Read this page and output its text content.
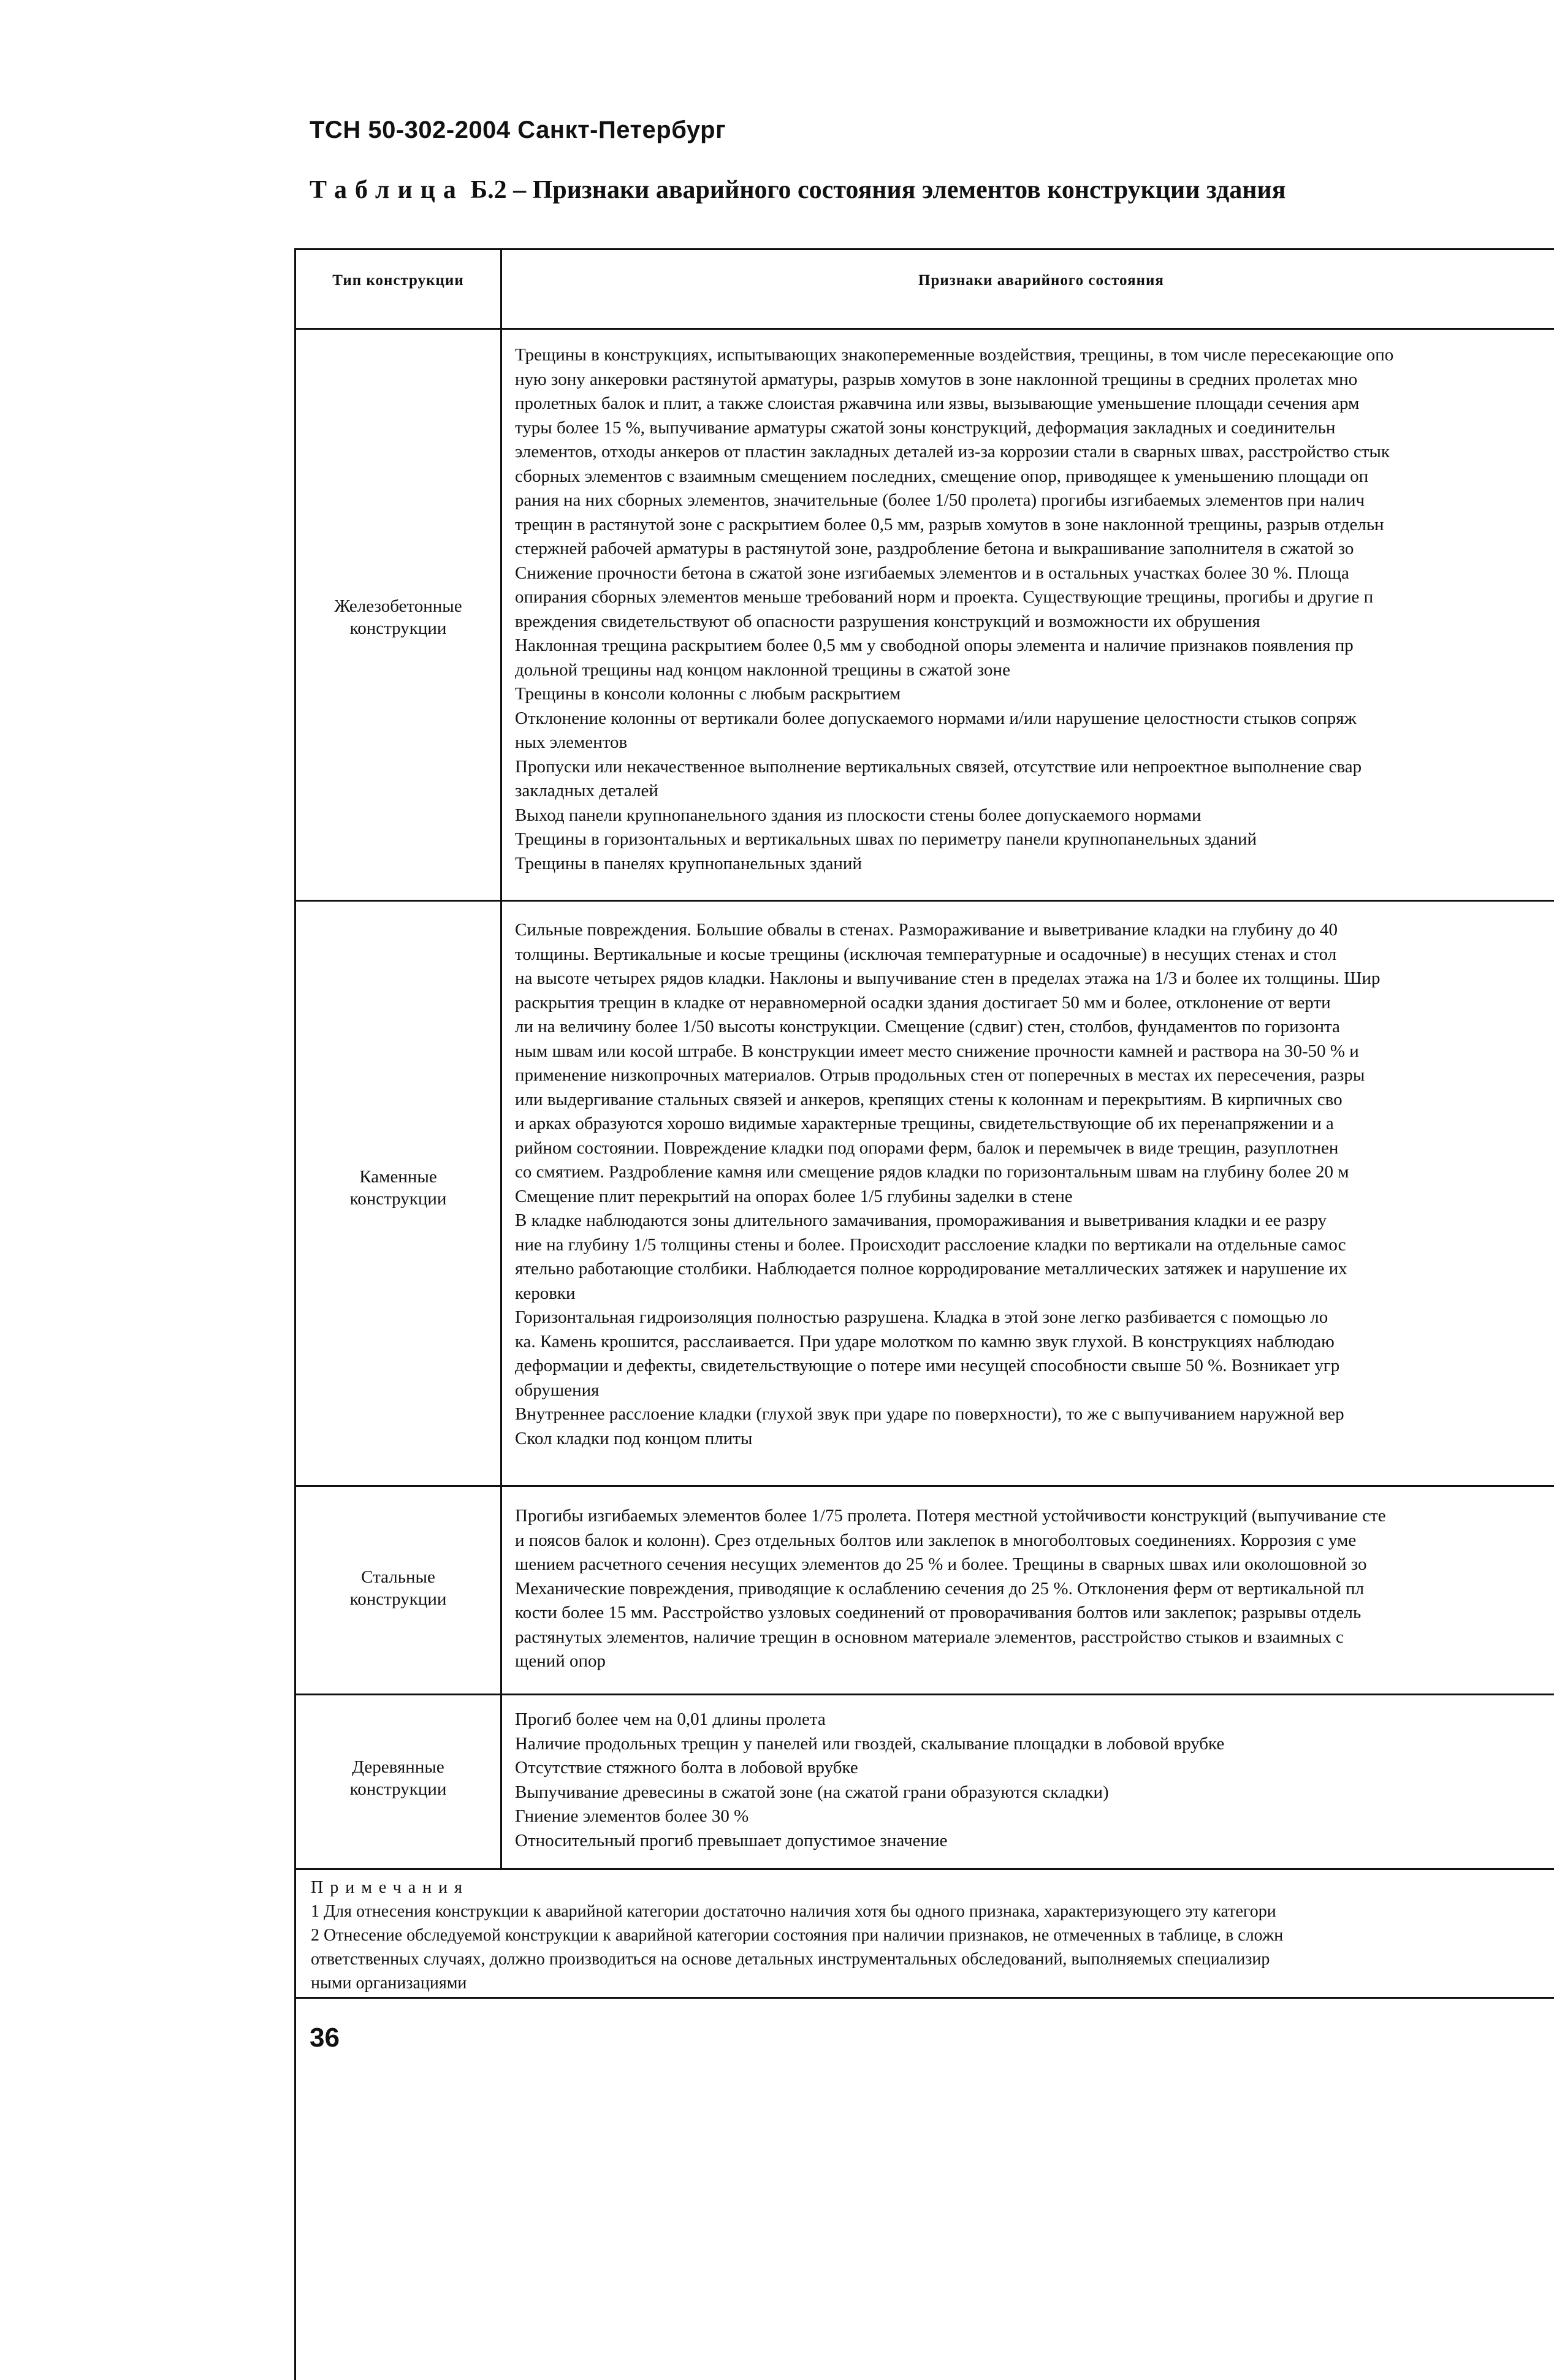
ТСН 50-302-2004 Санкт-Петербург
Таблица Б.2 – Признаки аварийного состояния элементов конструкции здания
Тип конструкции	Признаки аварийного состояния
Железобетонные
конструкции
Трещины в конструкциях, испытывающих знакопеременные воздействия, трещины, в том числе пересекающие опо
ную зону анкеровки растянутой арматуры, разрыв хомутов в зоне наклонной трещины в средних пролетах мно
пролетных балок и плит, а также слоистая ржавчина или язвы, вызывающие уменьшение площади сечения арм
туры более 15 %, выпучивание арматуры сжатой зоны конструкций, деформация закладных и соединительн
элементов, отходы анкеров от пластин закладных деталей из-за коррозии стали в сварных швах, расстройство стык
сборных элементов с взаимным смещением последних, смещение опор, приводящее к уменьшению площади оп
рания на них сборных элементов, значительные (более 1/50 пролета) прогибы изгибаемых элементов при налич
трещин в растянутой зоне с раскрытием более 0,5 мм, разрыв хомутов в зоне наклонной трещины, разрыв отдельн
стержней рабочей арматуры в растянутой зоне, раздробление бетона и выкрашивание заполнителя в сжатой зо
Снижение прочности бетона в сжатой зоне изгибаемых элементов и в остальных участках более 30 %. Площа
опирания сборных элементов меньше требований норм и проекта. Существующие трещины, прогибы и другие п
вреждения свидетельствуют об опасности разрушения конструкций и возможности их обрушения
Наклонная трещина раскрытием более 0,5 мм у свободной опоры элемента и наличие признаков появления пр
дольной трещины над концом наклонной трещины в сжатой зоне
Трещины в консоли колонны с любым раскрытием
Отклонение колонны от вертикали более допускаемого нормами и/или нарушение целостности стыков сопряж
ных элементов
Пропуски или некачественное выполнение вертикальных связей, отсутствие или непроектное выполнение свар
закладных деталей
Выход панели крупнопанельного здания из плоскости стены более допускаемого нормами
Трещины в горизонтальных и вертикальных швах по периметру панели крупнопанельных зданий
Трещины в панелях крупнопанельных зданий
Каменные
конструкции
Сильные повреждения. Большие обвалы в стенах. Размораживание и выветривание кладки на глубину до 40
толщины. Вертикальные и косые трещины (исключая температурные и осадочные) в несущих стенах и стол
на высоте четырех рядов кладки. Наклоны и выпучивание стен в пределах этажа на 1/3 и более их толщины. Шир
раскрытия трещин в кладке от неравномерной осадки здания достигает 50 мм и более, отклонение от верти
ли на величину более 1/50 высоты конструкции. Смещение (сдвиг) стен, столбов, фундаментов по горизонта
ным швам или косой штрабе. В конструкции имеет место снижение прочности камней и раствора на 30-50 % и
применение низкопрочных материалов. Отрыв продольных стен от поперечных в местах их пересечения, разры
или выдергивание стальных связей и анкеров, крепящих стены к колоннам и перекрытиям. В кирпичных сво
и арках образуются хорошо видимые характерные трещины, свидетельствующие об их перенапряжении и а
рийном состоянии. Повреждение кладки под опорами ферм, балок и перемычек в виде трещин, разуплотнен
со смятием. Раздробление камня или смещение рядов кладки по горизонтальным швам на глубину более 20 м
Смещение плит перекрытий на опорах более 1/5 глубины заделки в стене
В кладке наблюдаются зоны длительного замачивания, промораживания и выветривания кладки и ее разру
ние на глубину 1/5 толщины стены и более. Происходит расслоение кладки по вертикали на отдельные самос
ятельно работающие столбики. Наблюдается полное корродирование металлических затяжек и нарушение их
керовки
Горизонтальная гидроизоляция полностью разрушена. Кладка в этой зоне легко разбивается с помощью ло
ка. Камень крошится, расслаивается. При ударе молотком по камню звук глухой. В конструкциях наблюдаю
деформации и дефекты, свидетельствующие о потере ими несущей способности свыше 50 %. Возникает угр
обрушения
Внутреннее расслоение кладки (глухой звук при ударе по поверхности), то же с выпучиванием наружной вер
Скол кладки под концом плиты
Стальные
конструкции
Прогибы изгибаемых элементов более 1/75 пролета. Потеря местной устойчивости конструкций (выпучивание сте
и поясов балок и колонн). Срез отдельных болтов или заклепок в многоболтовых соединениях. Коррозия с уме
шением расчетного сечения несущих элементов до 25 % и более. Трещины в сварных швах или околошовной зо
Механические повреждения, приводящие к ослаблению сечения до 25 %. Отклонения ферм от вертикальной пл
кости более 15 мм. Расстройство узловых соединений от проворачивания болтов или заклепок; разрывы отдель
растянутых элементов, наличие трещин в основном материале элементов, расстройство стыков и взаимных с
щений опор
Деревянные
конструкции
Прогиб более чем на 0,01 длины пролета
Наличие продольных трещин у панелей или гвоздей, скалывание площадки в лобовой врубке
Отсутствие стяжного болта в лобовой врубке
Выпучивание древесины в сжатой зоне (на сжатой грани образуются складки)
Гниение элементов более 30 %
Относительный прогиб превышает допустимое значение
Примечания
1 Для отнесения конструкции к аварийной категории достаточно наличия хотя бы одного признака, характеризующего эту категори
2 Отнесение обследуемой конструкции к аварийной категории состояния при наличии признаков, не отмеченных в таблице, в сложн
ответственных случаях, должно производиться на основе детальных инструментальных обследований, выполняемых специализир
ными организациями
36
